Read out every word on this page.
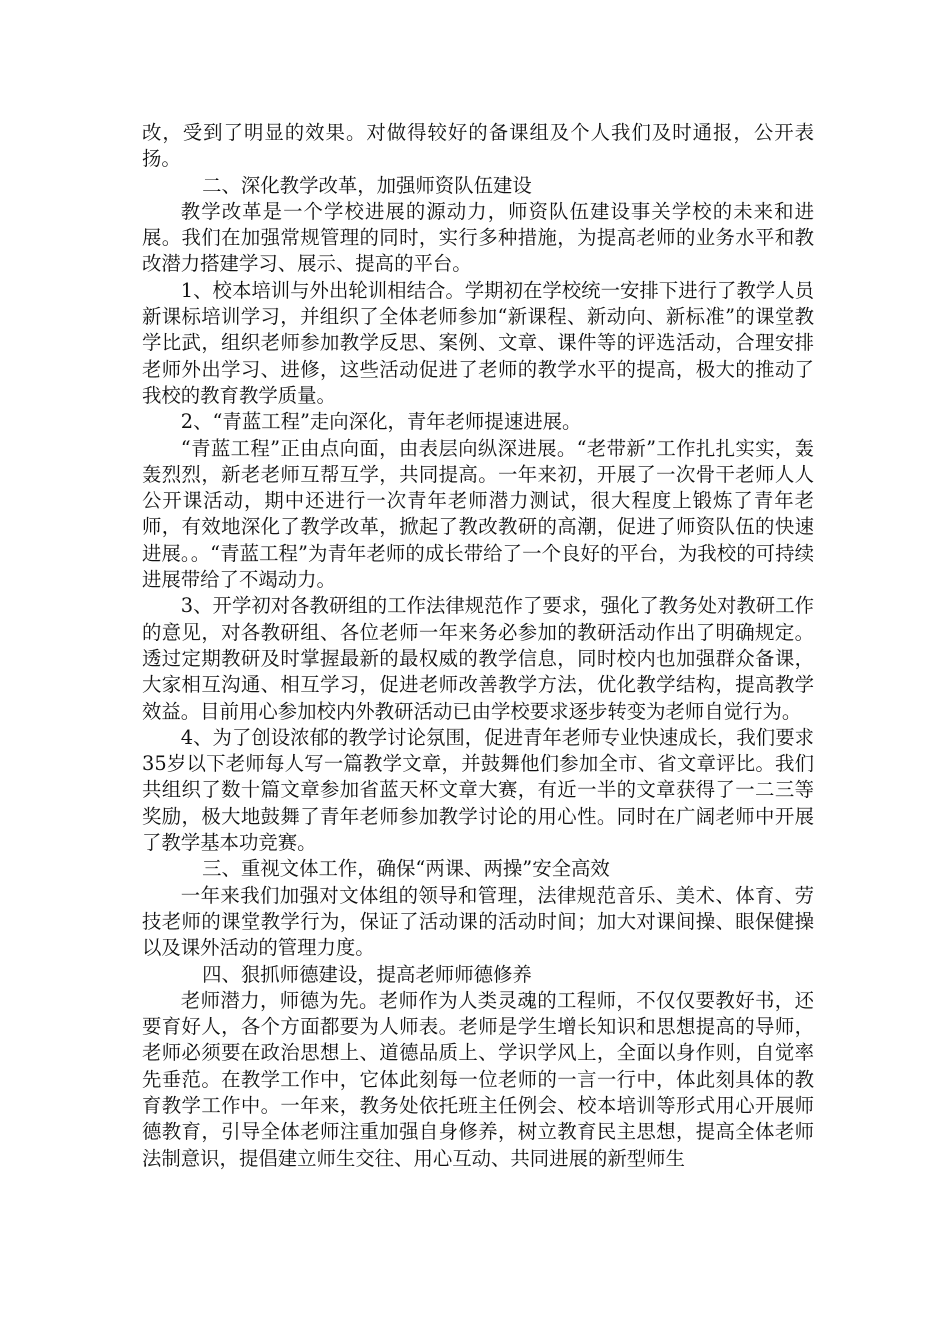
改，受到了明显的效果。对做得较好的备课组及个人我们及时通报，公开表扬。

二、深化教学改革，加强师资队伍建设

教学改革是一个学校进展的源动力，师资队伍建设事关学校的未来和进展。我们在加强常规管理的同时，实行多种措施，为提高老师的业务水平和教改潜力搭建学习、展示、提高的平台。

1、校本培训与外出轮训相结合。学期初在学校统一安排下进行了教学人员新课标培训学习，并组织了全体老师参加“新课程、新动向、新标准”的课堂教学比武，组织老师参加教学反思、案例、文章、课件等的评选活动，合理安排老师外出学习、进修，这些活动促进了老师的教学水平的提高，极大的推动了我校的教育教学质量。

2、“青蓝工程”走向深化，青年老师提速进展。

“青蓝工程”正由点向面，由表层向纵深进展。“老带新”工作扎扎实实，轰轰烈烈，新老老师互帮互学，共同提高。一年来初，开展了一次骨干老师人人公开课活动，期中还进行一次青年老师潜力测试，很大程度上锻炼了青年老师，有效地深化了教学改革，掀起了教改教研的高潮，促进了师资队伍的快速进展。。“青蓝工程”为青年老师的成长带给了一个良好的平台，为我校的可持续进展带给了不竭动力。

3、开学初对各教研组的工作法律规范作了要求，强化了教务处对教研工作的意见，对各教研组、各位老师一年来务必参加的教研活动作出了明确规定。透过定期教研及时掌握最新的最权威的教学信息，同时校内也加强群众备课，大家相互沟通、相互学习，促进老师改善教学方法，优化教学结构，提高教学效益。目前用心参加校内外教研活动已由学校要求逐步转变为老师自觉行为。

4、为了创设浓郁的教学讨论氛围，促进青年老师专业快速成长，我们要求35岁以下老师每人写一篇教学文章，并鼓舞他们参加全市、省文章评比。我们共组织了数十篇文章参加省蓝天杯文章大赛，有近一半的文章获得了一二三等奖励，极大地鼓舞了青年老师参加教学讨论的用心性。同时在广阔老师中开展了教学基本功竞赛。

三、重视文体工作，确保“两课、两操”安全高效

一年来我们加强对文体组的领导和管理，法律规范音乐、美术、体育、劳技老师的课堂教学行为，保证了活动课的活动时间；加大对课间操、眼保健操以及课外活动的管理力度。

四、狠抓师德建设，提高老师师德修养

老师潜力，师德为先。老师作为人类灵魂的工程师，不仅仅要教好书，还要育好人，各个方面都要为人师表。老师是学生增长知识和思想提高的导师，老师必须要在政治思想上、道德品质上、学识学风上，全面以身作则，自觉率先垂范。在教学工作中，它体此刻每一位老师的一言一行中，体此刻具体的教育教学工作中。一年来，教务处依托班主任例会、校本培训等形式用心开展师德教育，引导全体老师注重加强自身修养，树立教育民主思想，提高全体老师法制意识，提倡建立师生交往、用心互动、共同进展的新型师生
